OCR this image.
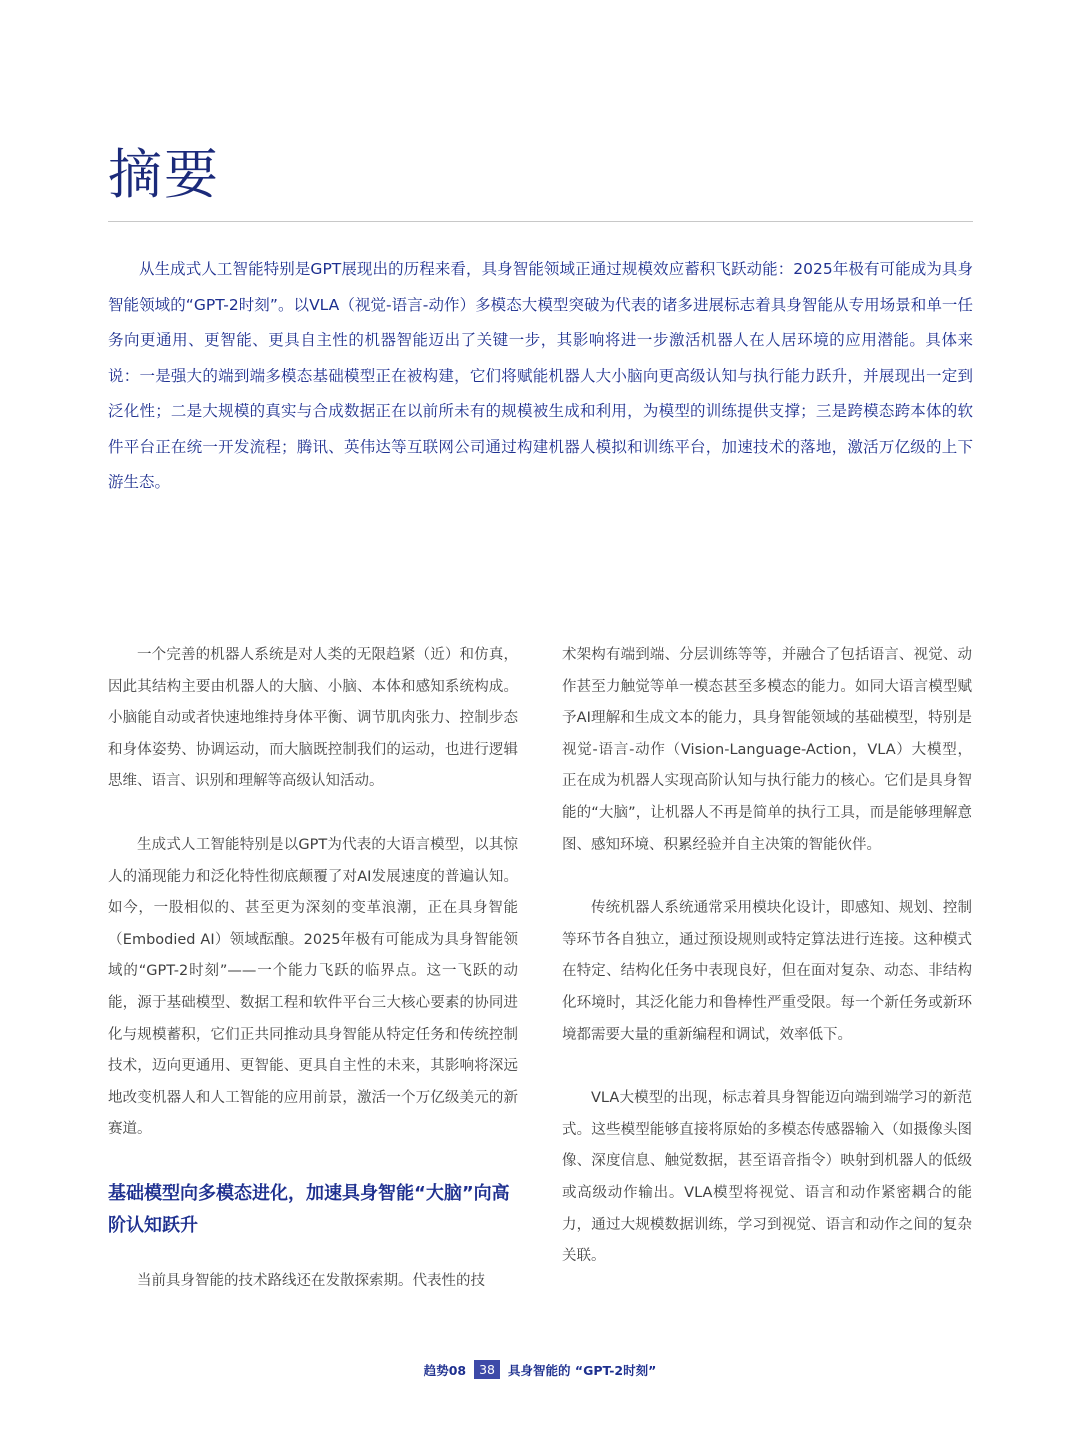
摘要

从生成式人工智能特别是GPT展现出的历程来看，具身智能领域正通过规模效应蓄积飞跃动能：2025年极有可能成为具身智能领域的“GPT-2时刻”。以VLA（视觉-语言-动作）多模态大模型突破为代表的诸多进展标志着具身智能从专用场景和单一任务向更通用、更智能、更具自主性的机器智能迈出了关键一步，其影响将进一步激活机器人在人居环境的应用潜能。具体来说：一是强大的端到端多模态基础模型正在被构建，它们将赋能机器人大小脑向更高级认知与执行能力跃升，并展现出一定到泛化性；二是大规模的真实与合成数据正在以前所未有的规模被生成和利用，为模型的训练提供支撑；三是跨模态跨本体的软件平台正在统一开发流程；腾讯、英伟达等互联网公司通过构建机器人模拟和训练平台，加速技术的落地，激活万亿级的上下游生态。

一个完善的机器人系统是对人类的无限趋紧（近）和仿真，因此其结构主要由机器人的大脑、小脑、本体和感知系统构成。小脑能自动或者快速地维持身体平衡、调节肌肉张力、控制步态和身体姿势、协调运动，而大脑既控制我们的运动，也进行逻辑思维、语言、识别和理解等高级认知活动。

生成式人工智能特别是以GPT为代表的大语言模型，以其惊人的涌现能力和泛化特性彻底颠覆了对AI发展速度的普遍认知。如今，一股相似的、甚至更为深刻的变革浪潮，正在具身智能（Embodied AI）领域酝酿。2025年极有可能成为具身智能领域的“GPT-2时刻”——一个能力飞跃的临界点。这一飞跃的动能，源于基础模型、数据工程和软件平台三大核心要素的协同进化与规模蓄积，它们正共同推动具身智能从特定任务和传统控制技术，迈向更通用、更智能、更具自主性的未来，其影响将深远地改变机器人和人工智能的应用前景，激活一个万亿级美元的新赛道。

基础模型向多模态进化，加速具身智能“大脑”向高阶认知跃升

当前具身智能的技术路线还在发散探索期。代表性的技

术架构有端到端、分层训练等等，并融合了包括语言、视觉、动作甚至力触觉等单一模态甚至多模态的能力。如同大语言模型赋予AI理解和生成文本的能力，具身智能领域的基础模型，特别是视觉-语言-动作（Vision-Language-Action，VLA）大模型，正在成为机器人实现高阶认知与执行能力的核心。它们是具身智能的“大脑”，让机器人不再是简单的执行工具，而是能够理解意图、感知环境、积累经验并自主决策的智能伙伴。

传统机器人系统通常采用模块化设计，即感知、规划、控制等环节各自独立，通过预设规则或特定算法进行连接。这种模式在特定、结构化任务中表现良好，但在面对复杂、动态、非结构化环境时，其泛化能力和鲁棒性严重受限。每一个新任务或新环境都需要大量的重新编程和调试，效率低下。

VLA大模型的出现，标志着具身智能迈向端到端学习的新范式。这些模型能够直接将原始的多模态传感器输入（如摄像头图像、深度信息、触觉数据，甚至语音指令）映射到机器人的低级或高级动作输出。VLA模型将视觉、语言和动作紧密耦合的能力，通过大规模数据训练，学习到视觉、语言和动作之间的复杂关联。

趋势08	38	具身智能的 “GPT-2时刻”
